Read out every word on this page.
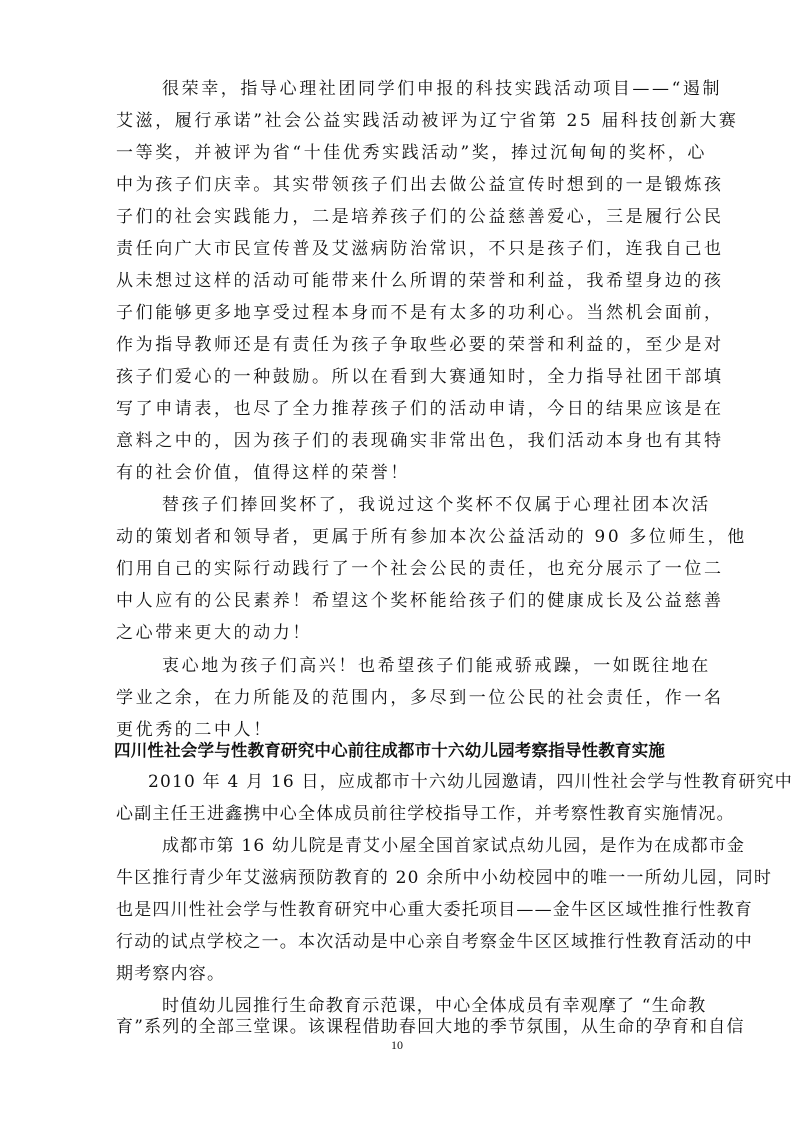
很荣幸，指导心理社团同学们申报的科技实践活动项目——“遏制
艾滋，履行承诺”社会公益实践活动被评为辽宁省第 25 届科技创新大赛
一等奖，并被评为省“十佳优秀实践活动”奖，捧过沉甸甸的奖杯，心
中为孩子们庆幸。其实带领孩子们出去做公益宣传时想到的一是锻炼孩
子们的社会实践能力，二是培养孩子们的公益慈善爱心，三是履行公民
责任向广大市民宣传普及艾滋病防治常识，不只是孩子们，连我自己也
从未想过这样的活动可能带来什么所谓的荣誉和利益，我希望身边的孩
子们能够更多地享受过程本身而不是有太多的功利心。当然机会面前，
作为指导教师还是有责任为孩子争取些必要的荣誉和利益的，至少是对
孩子们爱心的一种鼓励。所以在看到大赛通知时，全力指导社团干部填
写了申请表，也尽了全力推荐孩子们的活动申请，今日的结果应该是在
意料之中的，因为孩子们的表现确实非常出色，我们活动本身也有其特
有的社会价值，值得这样的荣誉！
替孩子们捧回奖杯了，我说过这个奖杯不仅属于心理社团本次活
动的策划者和领导者，更属于所有参加本次公益活动的 90 多位师生，他
们用自己的实际行动践行了一个社会公民的责任，也充分展示了一位二
中人应有的公民素养！希望这个奖杯能给孩子们的健康成长及公益慈善
之心带来更大的动力！
衷心地为孩子们高兴！也希望孩子们能戒骄戒躁，一如既往地在
学业之余，在力所能及的范围内，多尽到一位公民的社会责任，作一名
更优秀的二中人！
四川性社会学与性教育研究中心前往成都市十六幼儿园考察指导性教育实施
2010 年 4 月 16 日，应成都市十六幼儿园邀请，四川性社会学与性教育研究中
心副主任王进鑫携中心全体成员前往学校指导工作，并考察性教育实施情况。
成都市第 16 幼儿院是青艾小屋全国首家试点幼儿园，是作为在成都市金
牛区推行青少年艾滋病预防教育的 20 余所中小幼校园中的唯一一所幼儿园，同时
也是四川性社会学与性教育研究中心重大委托项目——金牛区区域性推行性教育
行动的试点学校之一。本次活动是中心亲自考察金牛区区域推行性教育活动的中
期考察内容。
时值幼儿园推行生命教育示范课，中心全体成员有幸观摩了 “生命教
育”系列的全部三堂课。该课程借助春回大地的季节氛围，从生命的孕育和自信
10
